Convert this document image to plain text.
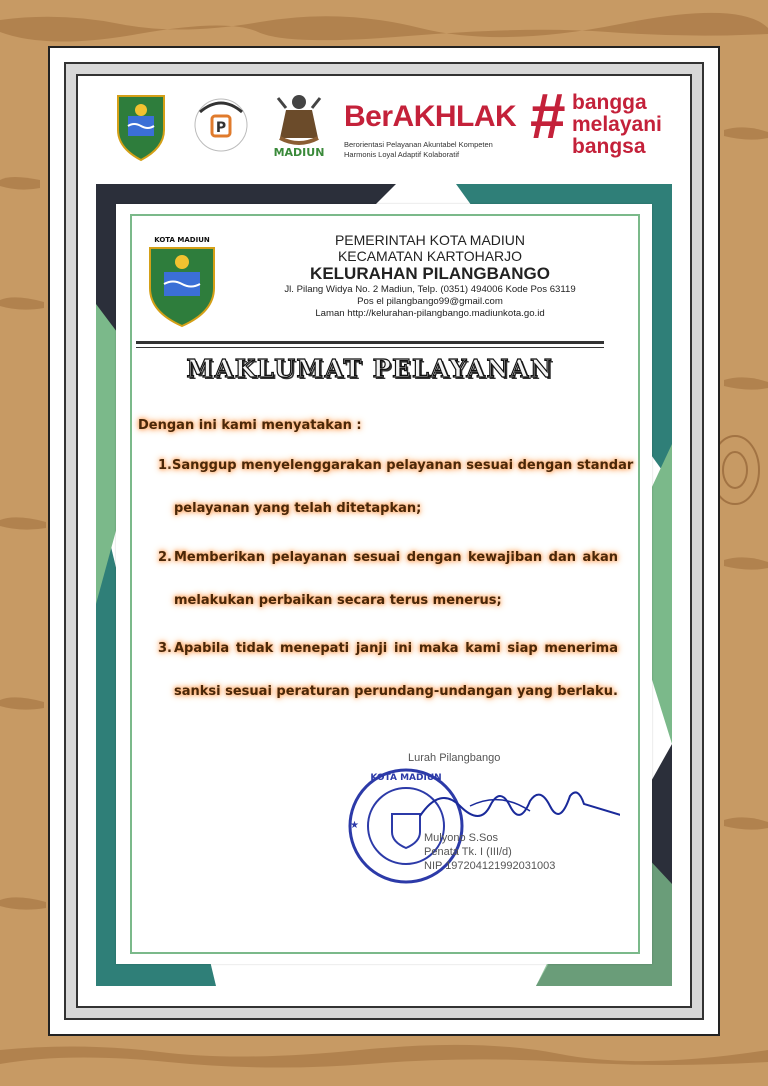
P
MADIUN
BerAKHLAK
Berorientasi Pelayanan Akuntabel Kompeten
Harmonis Loyal Adaptif Kolaboratif
# bangga
melayani
bangsa
KOTA MADIUN	PEMERINTAH KOTA MADIUN
KECAMATAN KARTOHARJO
KELURAHAN PILANGBANGO
Jl. Pilang Widya No. 2 Madiun, Telp. (0351) 494006 Kode Pos 63119
Pos el pilangbango99@gmail.com
Laman http://kelurahan-pilangbango.madiunkota.go.id
MAKLUMAT PELAYANAN
Dengan ini kami menyatakan :
1. Sanggup menyelenggarakan pelayanan sesuai dengan standar
pelayanan yang telah ditetapkan;
2. Memberikan pelayanan sesuai dengan kewajiban dan akan
melakukan perbaikan secara terus menerus;
3. Apabila tidak menepati janji ini maka kami siap menerima
sanksi sesuai peraturan perundang-undangan yang berlaku.
Lurah Pilangbango
KOTA MADIUN
★
Mulyono S.Sos
Penata Tk. I (III/d)
NIP 197204121992031003
